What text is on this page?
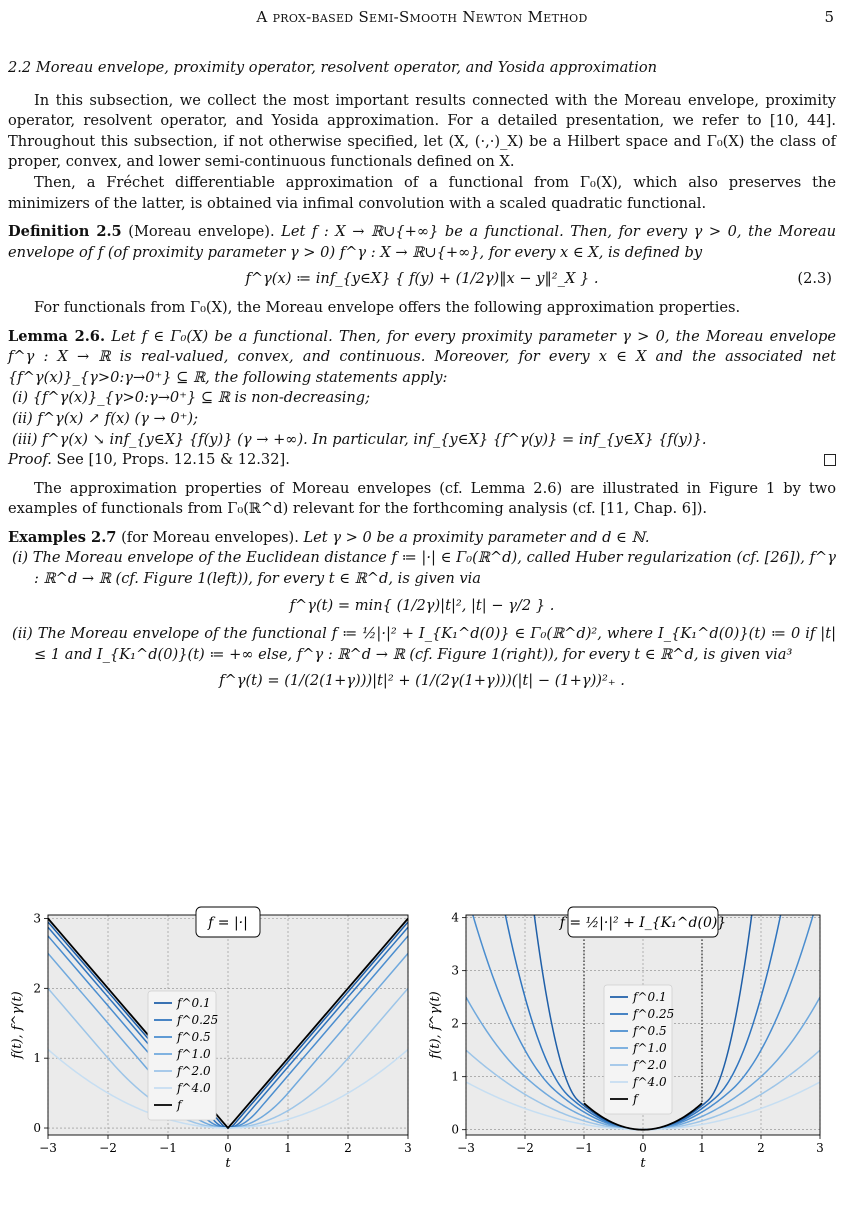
A prox-based Semi-Smooth Newton Method	5

2.2 Moreau envelope, proximity operator, resolvent operator, and Yosida approximation

In this subsection, we collect the most important results connected with the Moreau envelope, proximity operator, resolvent operator, and Yosida approximation. For a detailed presentation, we refer to [10, 44]. Throughout this subsection, if not otherwise specified, let (X, (·,·)_X) be a Hilbert space and Γ₀(X) the class of proper, convex, and lower semi-continuous functionals defined on X.

Then, a Fréchet differentiable approximation of a functional from Γ₀(X), which also preserves the minimizers of the latter, is obtained via infimal convolution with a scaled quadratic functional.

Definition 2.5 (Moreau envelope). Let f : X → ℝ∪{+∞} be a functional. Then, for every γ > 0, the Moreau envelope of f (of proximity parameter γ > 0) f^γ : X → ℝ∪{+∞}, for every x ∈ X, is defined by

f^γ(x) ≔ inf_{y∈X} { f(y) + (1/2γ)‖x − y‖²_X } .	(2.3)

For functionals from Γ₀(X), the Moreau envelope offers the following approximation properties.

Lemma 2.6. Let f ∈ Γ₀(X) be a functional. Then, for every proximity parameter γ > 0, the Moreau envelope f^γ : X → ℝ is real-valued, convex, and continuous. Moreover, for every x ∈ X and the associated net {f^γ(x)}_{γ>0:γ→0⁺} ⊆ ℝ, the following statements apply:

(i) {f^γ(x)}_{γ>0:γ→0⁺} ⊆ ℝ is non-decreasing;

(ii) f^γ(x) ↗ f(x) (γ → 0⁺);

(iii) f^γ(x) ↘ inf_{y∈X} {f(y)} (γ → +∞). In particular, inf_{y∈X} {f^γ(y)} = inf_{y∈X} {f(y)}.

Proof. See [10, Props. 12.15 & 12.32].

The approximation properties of Moreau envelopes (cf. Lemma 2.6) are illustrated in Figure 1 by two examples of functionals from Γ₀(ℝ^d) relevant for the forthcoming analysis (cf. [11, Chap. 6]).

Examples 2.7 (for Moreau envelopes). Let γ > 0 be a proximity parameter and d ∈ ℕ.

(i) The Moreau envelope of the Euclidean distance f ≔ |·| ∈ Γ₀(ℝ^d), called Huber regularization (cf. [26]), f^γ : ℝ^d → ℝ (cf. Figure 1(left)), for every t ∈ ℝ^d, is given via

f^γ(t) = min{ (1/2γ)|t|², |t| − γ/2 } .

(ii) The Moreau envelope of the functional f ≔ ½|·|² + I_{K₁^d(0)} ∈ Γ₀(ℝ^d)², where I_{K₁^d(0)}(t) ≔ 0 if |t| ≤ 1 and I_{K₁^d(0)}(t) ≔ +∞ else, f^γ : ℝ^d → ℝ (cf. Figure 1(right)), for every t ∈ ℝ^d, is given via³

f^γ(t) = (1/(2(1+γ)))|t|² + (1/(2γ(1+γ)))(|t| − (1+γ))²₊ .
−3	−2	−1	0	1	2	3
0
1
2
3	f = |·|
f^0.1
f^0.25
f^0.5
f^1.0
f^2.0
f^4.0
f
t
f(t), f^γ(t)
−3	−2	−1	0	1	2	3
0
1
2
3
4	f = ½|·|² + I_{K₁^d(0)}
f^0.1
f^0.25
f^0.5
f^1.0
f^2.0
f^4.0
f
t
f(t), f^γ(t)
